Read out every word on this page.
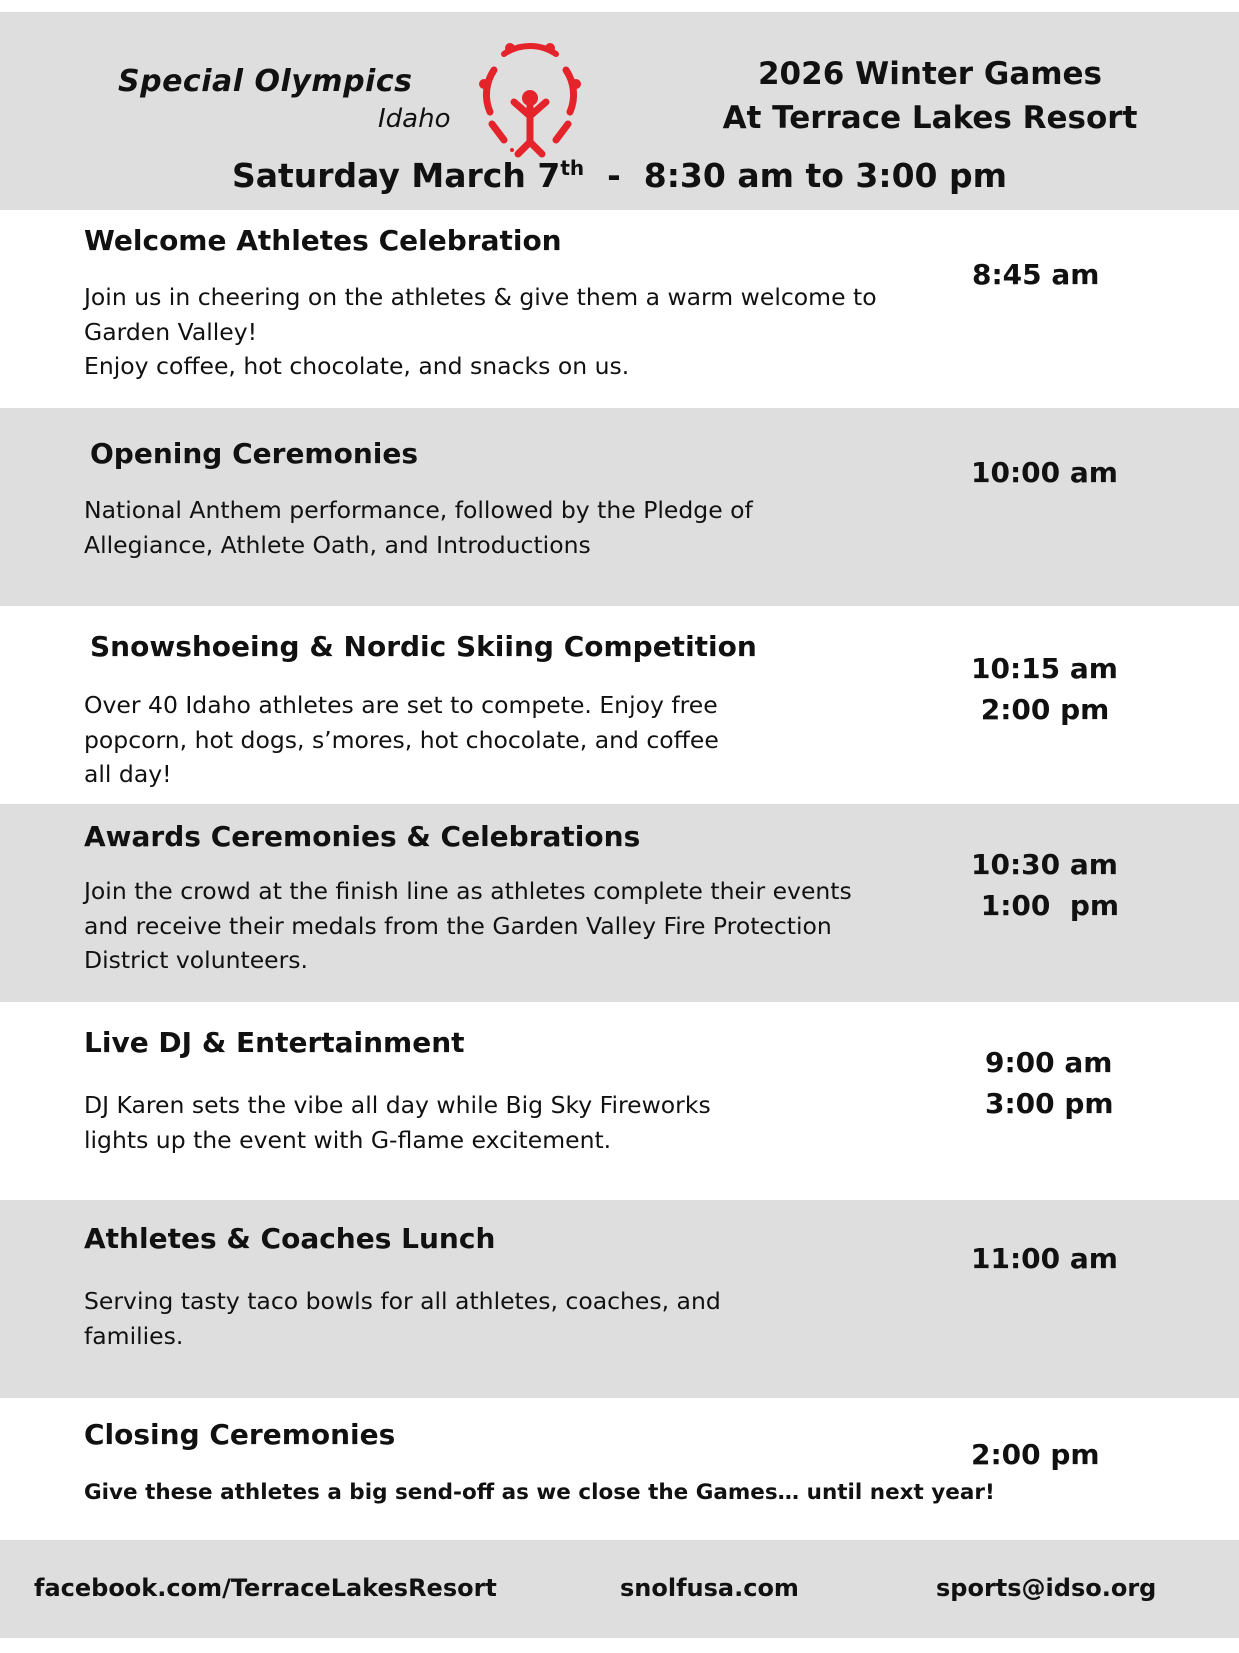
Special Olympics
Idaho
2026 Winter Games
At Terrace Lakes Resort
Saturday March 7th  -  8:30 am to 3:00 pm
Welcome Athletes Celebration
Join us in cheering on the athletes & give them a warm welcome to
Garden Valley!
Enjoy coffee, hot chocolate, and snacks on us.
8:45 am
Opening Ceremonies
National Anthem performance, followed by the Pledge of
Allegiance, Athlete Oath, and Introductions
10:00 am
Snowshoeing & Nordic Skiing Competition
Over 40 Idaho athletes are set to compete. Enjoy free
popcorn, hot dogs, s’mores, hot chocolate, and coffee
all day!
10:15 am
2:00 pm
Awards Ceremonies & Celebrations
Join the crowd at the finish line as athletes complete their events
and receive their medals from the Garden Valley Fire Protection
District volunteers.
10:30 am
1:00  pm
Live DJ & Entertainment
DJ Karen sets the vibe all day while Big Sky Fireworks
lights up the event with G-flame excitement.
9:00 am
3:00 pm
Athletes & Coaches Lunch
Serving tasty taco bowls for all athletes, coaches, and
families.
11:00 am
Closing Ceremonies
Give these athletes a big send-off as we close the Games… until next year!
2:00 pm
facebook.com/TerraceLakesResort	snolfusa.com	sports@idso.org
